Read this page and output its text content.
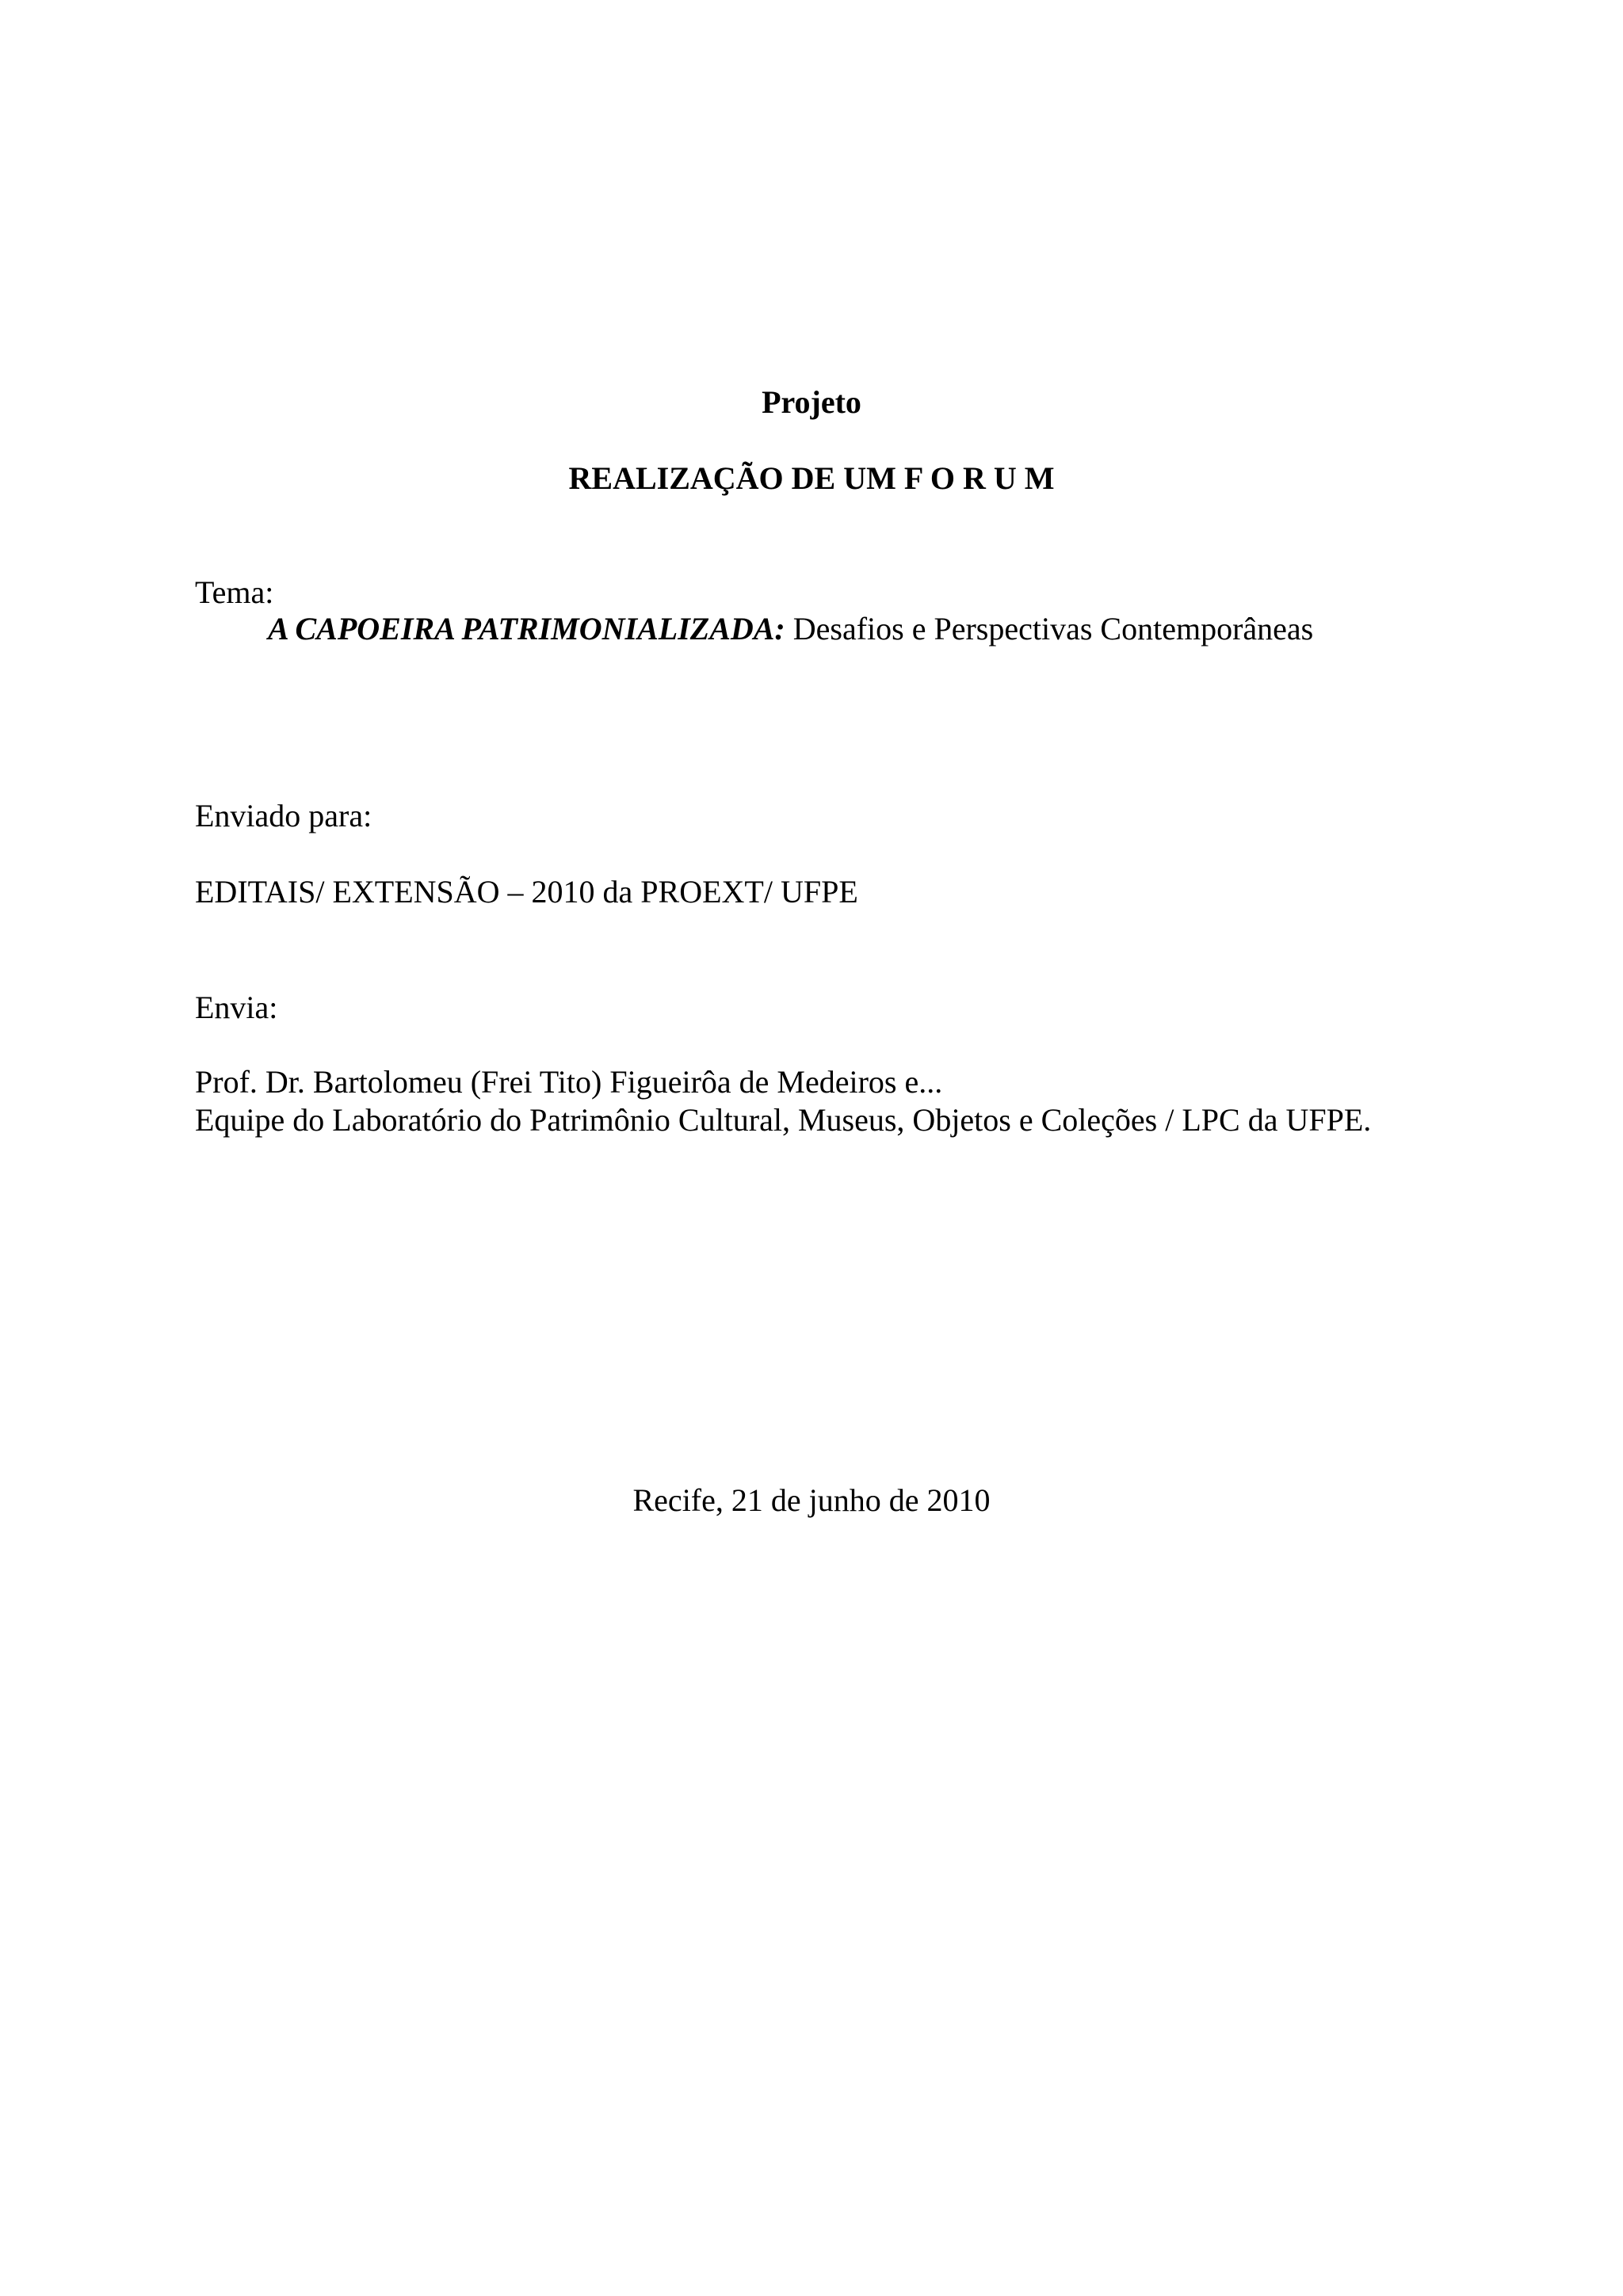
Projeto
REALIZAÇÃO DE UM F O R U M
Tema:
A CAPOEIRA PATRIMONIALIZADA: Desafios e Perspectivas Contemporâneas
Enviado para:
EDITAIS/ EXTENSÃO – 2010 da PROEXT/ UFPE
Envia:
Prof. Dr. Bartolomeu (Frei Tito) Figueirôa de Medeiros e...
Equipe do Laboratório do Patrimônio Cultural, Museus, Objetos e Coleções / LPC da UFPE.
Recife, 21 de junho de 2010
